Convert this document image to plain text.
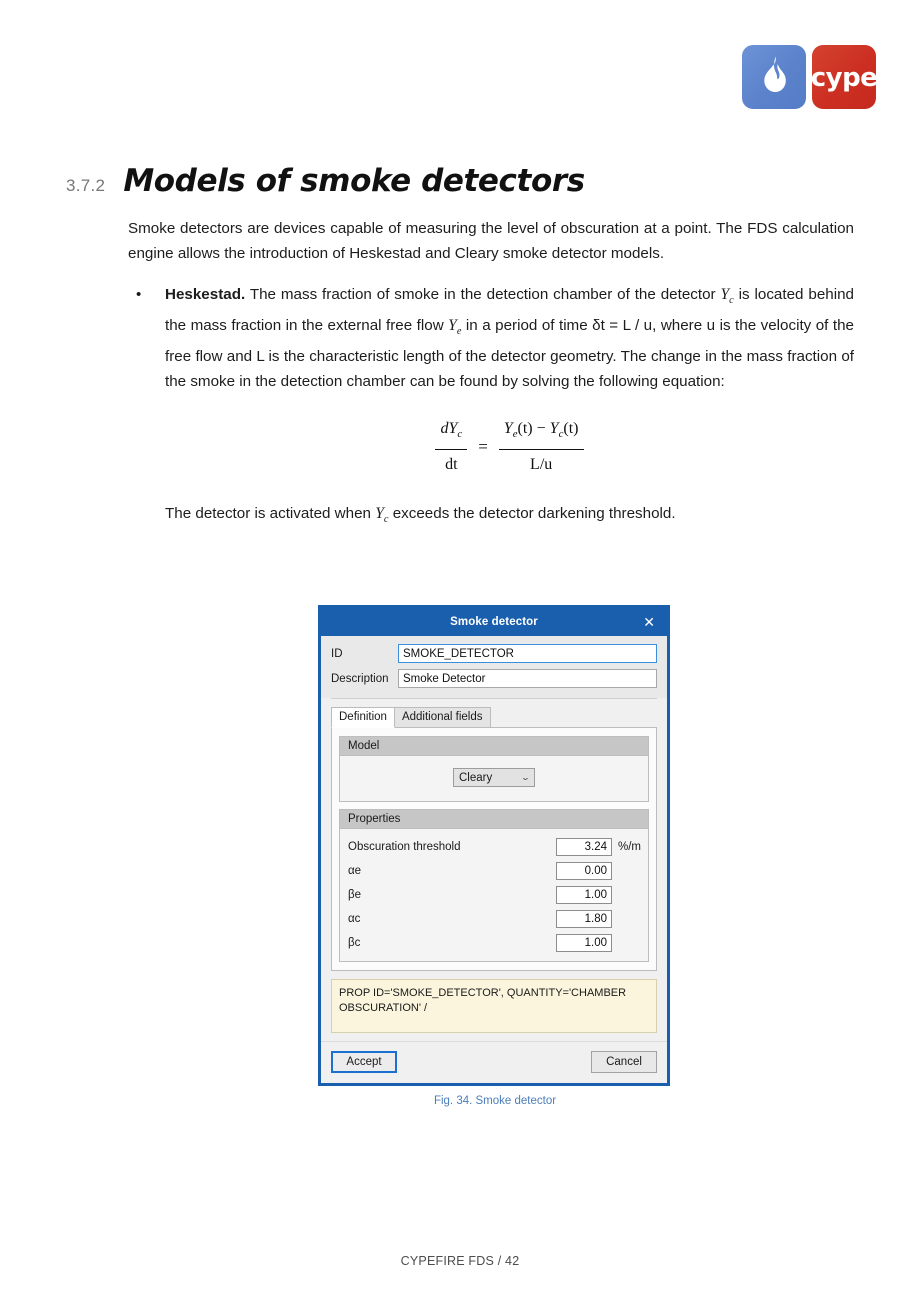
cype
3.7.2 Models of smoke detectors

Smoke detectors are devices capable of measuring the level of obscuration at a point. The FDS calculation engine allows the introduction of Heskestad and Cleary smoke detector models.

•	Heskestad. The mass fraction of smoke in the detection chamber of the detector $Y_c$ is located behind the mass fraction in the external free flow $Y_e$ in a period of time δt = L / u, where u is the velocity of the free flow and L is the characteristic length of the detector geometry. The change in the mass fraction of the smoke in the detection chamber can be found by solving the following equation:
$\frac{dY_c}{dt} = \frac{Y_e(t) - Y_c(t)}{L/u}$

The detector is activated when $Y_c$ exceeds the detector darkening threshold.

Smoke detector	✕
ID	SMOKE_DETECTOR
Description	Smoke Detector
Definition	Additional fields
Model
Cleary	⌄
Properties
Obscuration threshold	3.24 %/m
αe	0.00
βe	1.00
αc	1.80
βc	1.00
PROP ID='SMOKE_DETECTOR', QUANTITY='CHAMBER OBSCURATION' /
Accept	Cancel
Fig. 34. Smoke detector
CYPEFIRE FDS / 42
